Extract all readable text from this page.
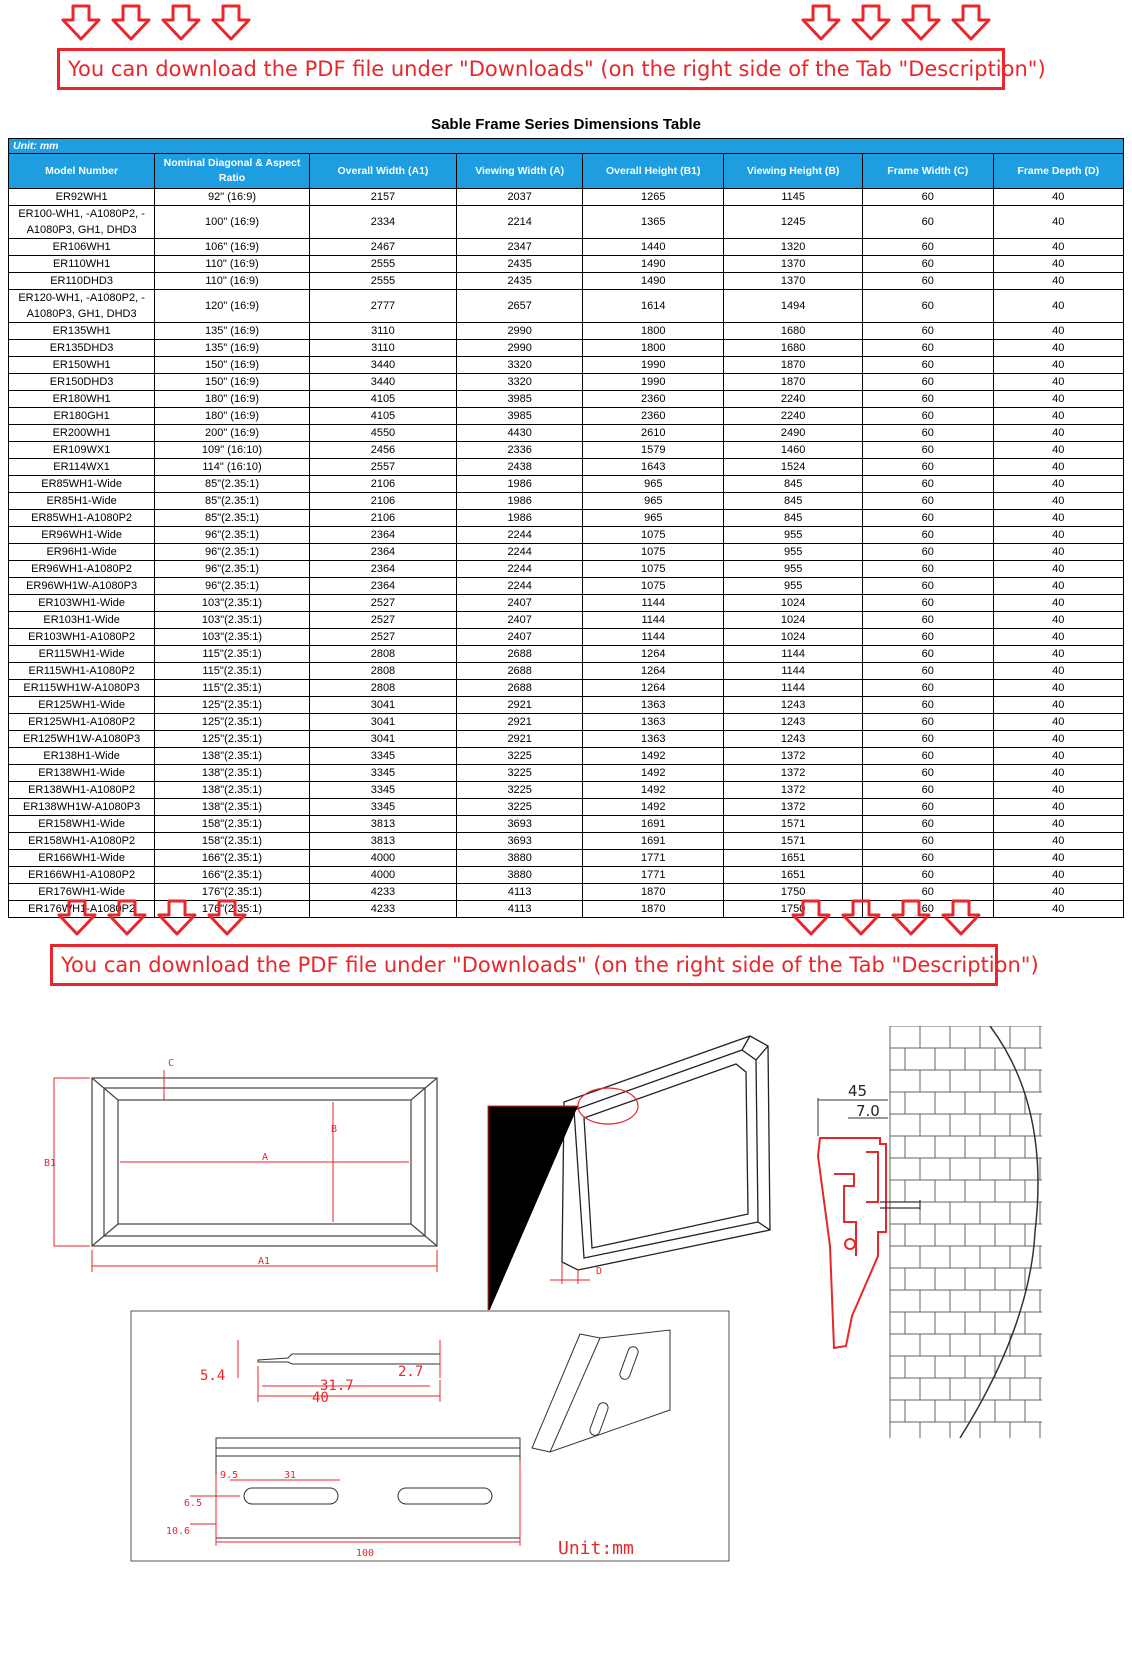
You can download the PDF file under "Downloads" (on the right side of the Tab "Description")
Sable Frame Series Dimensions Table
Unit: mm							
Model Number	Nominal Diagonal & Aspect Ratio	Overall Width (A1)	Viewing Width (A)	Overall Height (B1)	Viewing Height (B)	Frame Width (C)	Frame Depth (D)
ER92WH1	92" (16:9)	2157	2037	1265	1145	60	40
ER100-WH1, -A1080P2, -A1080P3, GH1, DHD3	100" (16:9)	2334	2214	1365	1245	60	40
ER106WH1	106" (16:9)	2467	2347	1440	1320	60	40
ER110WH1	110" (16:9)	2555	2435	1490	1370	60	40
ER110DHD3	110" (16:9)	2555	2435	1490	1370	60	40
ER120-WH1, -A1080P2, -A1080P3, GH1, DHD3	120" (16:9)	2777	2657	1614	1494	60	40
ER135WH1	135" (16:9)	3110	2990	1800	1680	60	40
ER135DHD3	135" (16:9)	3110	2990	1800	1680	60	40
ER150WH1	150" (16:9)	3440	3320	1990	1870	60	40
ER150DHD3	150" (16:9)	3440	3320	1990	1870	60	40
ER180WH1	180" (16:9)	4105	3985	2360	2240	60	40
ER180GH1	180" (16:9)	4105	3985	2360	2240	60	40
ER200WH1	200" (16:9)	4550	4430	2610	2490	60	40
ER109WX1	109" (16:10)	2456	2336	1579	1460	60	40
ER114WX1	114" (16:10)	2557	2438	1643	1524	60	40
ER85WH1-Wide	85"(2.35:1)	2106	1986	965	845	60	40
ER85H1-Wide	85"(2.35:1)	2106	1986	965	845	60	40
ER85WH1-A1080P2	85"(2.35:1)	2106	1986	965	845	60	40
ER96WH1-Wide	96"(2.35:1)	2364	2244	1075	955	60	40
ER96H1-Wide	96"(2.35:1)	2364	2244	1075	955	60	40
ER96WH1-A1080P2	96"(2.35:1)	2364	2244	1075	955	60	40
ER96WH1W-A1080P3	96"(2.35:1)	2364	2244	1075	955	60	40
ER103WH1-Wide	103"(2.35:1)	2527	2407	1144	1024	60	40
ER103H1-Wide	103"(2.35:1)	2527	2407	1144	1024	60	40
ER103WH1-A1080P2	103"(2.35:1)	2527	2407	1144	1024	60	40
ER115WH1-Wide	115"(2.35:1)	2808	2688	1264	1144	60	40
ER115WH1-A1080P2	115"(2.35:1)	2808	2688	1264	1144	60	40
ER115WH1W-A1080P3	115"(2.35:1)	2808	2688	1264	1144	60	40
ER125WH1-Wide	125"(2.35:1)	3041	2921	1363	1243	60	40
ER125WH1-A1080P2	125"(2.35:1)	3041	2921	1363	1243	60	40
ER125WH1W-A1080P3	125"(2.35:1)	3041	2921	1363	1243	60	40
ER138H1-Wide	138"(2.35:1)	3345	3225	1492	1372	60	40
ER138WH1-Wide	138"(2.35:1)	3345	3225	1492	1372	60	40
ER138WH1-A1080P2	138"(2.35:1)	3345	3225	1492	1372	60	40
ER138WH1W-A1080P3	138"(2.35:1)	3345	3225	1492	1372	60	40
ER158WH1-Wide	158"(2.35:1)	3813	3693	1691	1571	60	40
ER158WH1-A1080P2	158"(2.35:1)	3813	3693	1691	1571	60	40
ER166WH1-Wide	166"(2.35:1)	4000	3880	1771	1651	60	40
ER166WH1-A1080P2	166"(2.35:1)	4000	3880	1771	1651	60	40
ER176WH1-Wide	176"(2.35:1)	4233	4113	1870	1750	60	40
ER176WH1-A1080P2	176"(2.35:1)	4233	4113	1870	1750	60	40
You can download the PDF file under "Downloads" (on the right side of the Tab "Description")
C
B
A
B1
A1
D
45
7.0
5.4
31.7
40
2.7
9.5	31
6.5
10.6
100	Unit:mm
